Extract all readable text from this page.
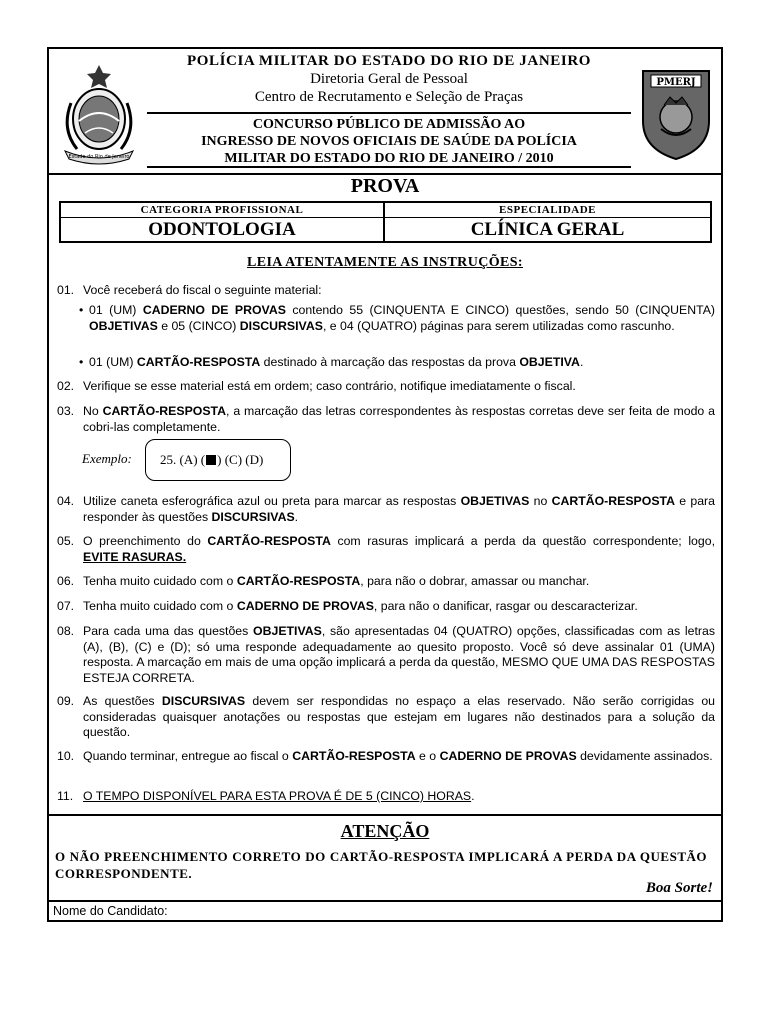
Estado do Rio de Janeiro
POLÍCIA MILITAR DO ESTADO DO RIO DE JANEIRO
Diretoria Geral de Pessoal
Centro de Recrutamento e Seleção de Praças
CONCURSO PÚBLICO DE ADMISSÃO AO
INGRESSO DE NOVOS OFICIAIS DE SAÚDE DA POLÍCIA
MILITAR DO ESTADO DO RIO DE JANEIRO / 2010
PMERJ
PROVA
CATEGORIA PROFISSIONAL	ESPECIALIDADE
ODONTOLOGIA	CLÍNICA GERAL
LEIA ATENTAMENTE AS INSTRUÇÕES:
01. Você receberá do fiscal o seguinte material:
• 01 (UM) CADERNO DE PROVAS contendo 55 (CINQUENTA E CINCO) questões, sendo 50 (CINQUENTA) OBJETIVAS e 05 (CINCO) DISCURSIVAS, e 04 (QUATRO) páginas para serem utilizadas como rascunho.
• 01 (UM) CARTÃO-RESPOSTA destinado à marcação das respostas da prova OBJETIVA.
02. Verifique se esse material está em ordem; caso contrário, notifique imediatamente o fiscal.
03. No CARTÃO-RESPOSTA, a marcação das letras correspondentes às respostas corretas deve ser feita de modo a cobri-las completamente.
Exemplo: 25. (A) ( ) (C) (D)
04. Utilize caneta esferográfica azul ou preta para marcar as respostas OBJETIVAS no CARTÃO-RESPOSTA e para responder às questões DISCURSIVAS.
05. O preenchimento do CARTÃO-RESPOSTA com rasuras implicará a perda da questão correspondente; logo, EVITE RASURAS.
06. Tenha muito cuidado com o CARTÃO-RESPOSTA, para não o dobrar, amassar ou manchar.
07. Tenha muito cuidado com o CADERNO DE PROVAS, para não o danificar, rasgar ou descaracterizar.
08. Para cada uma das questões OBJETIVAS, são apresentadas 04 (QUATRO) opções, classificadas com as letras (A), (B), (C) e (D); só uma responde adequadamente ao quesito proposto. Você só deve assinalar 01 (UMA) resposta. A marcação em mais de uma opção implicará a perda da questão, MESMO QUE UMA DAS RESPOSTAS ESTEJA CORRETA.
09. As questões DISCURSIVAS devem ser respondidas no espaço a elas reservado. Não serão corrigidas ou consideradas quaisquer anotações ou respostas que estejam em lugares não destinados para a solução da questão.
10. Quando terminar, entregue ao fiscal o CARTÃO-RESPOSTA e o CADERNO DE PROVAS devidamente assinados.
11. O TEMPO DISPONÍVEL PARA ESTA PROVA É DE 5 (CINCO) HORAS.
ATENÇÃO
O NÃO PREENCHIMENTO CORRETO DO CARTÃO-RESPOSTA IMPLICARÁ A PERDA DA QUESTÃO CORRESPONDENTE.
Boa Sorte!
Nome do Candidato:
